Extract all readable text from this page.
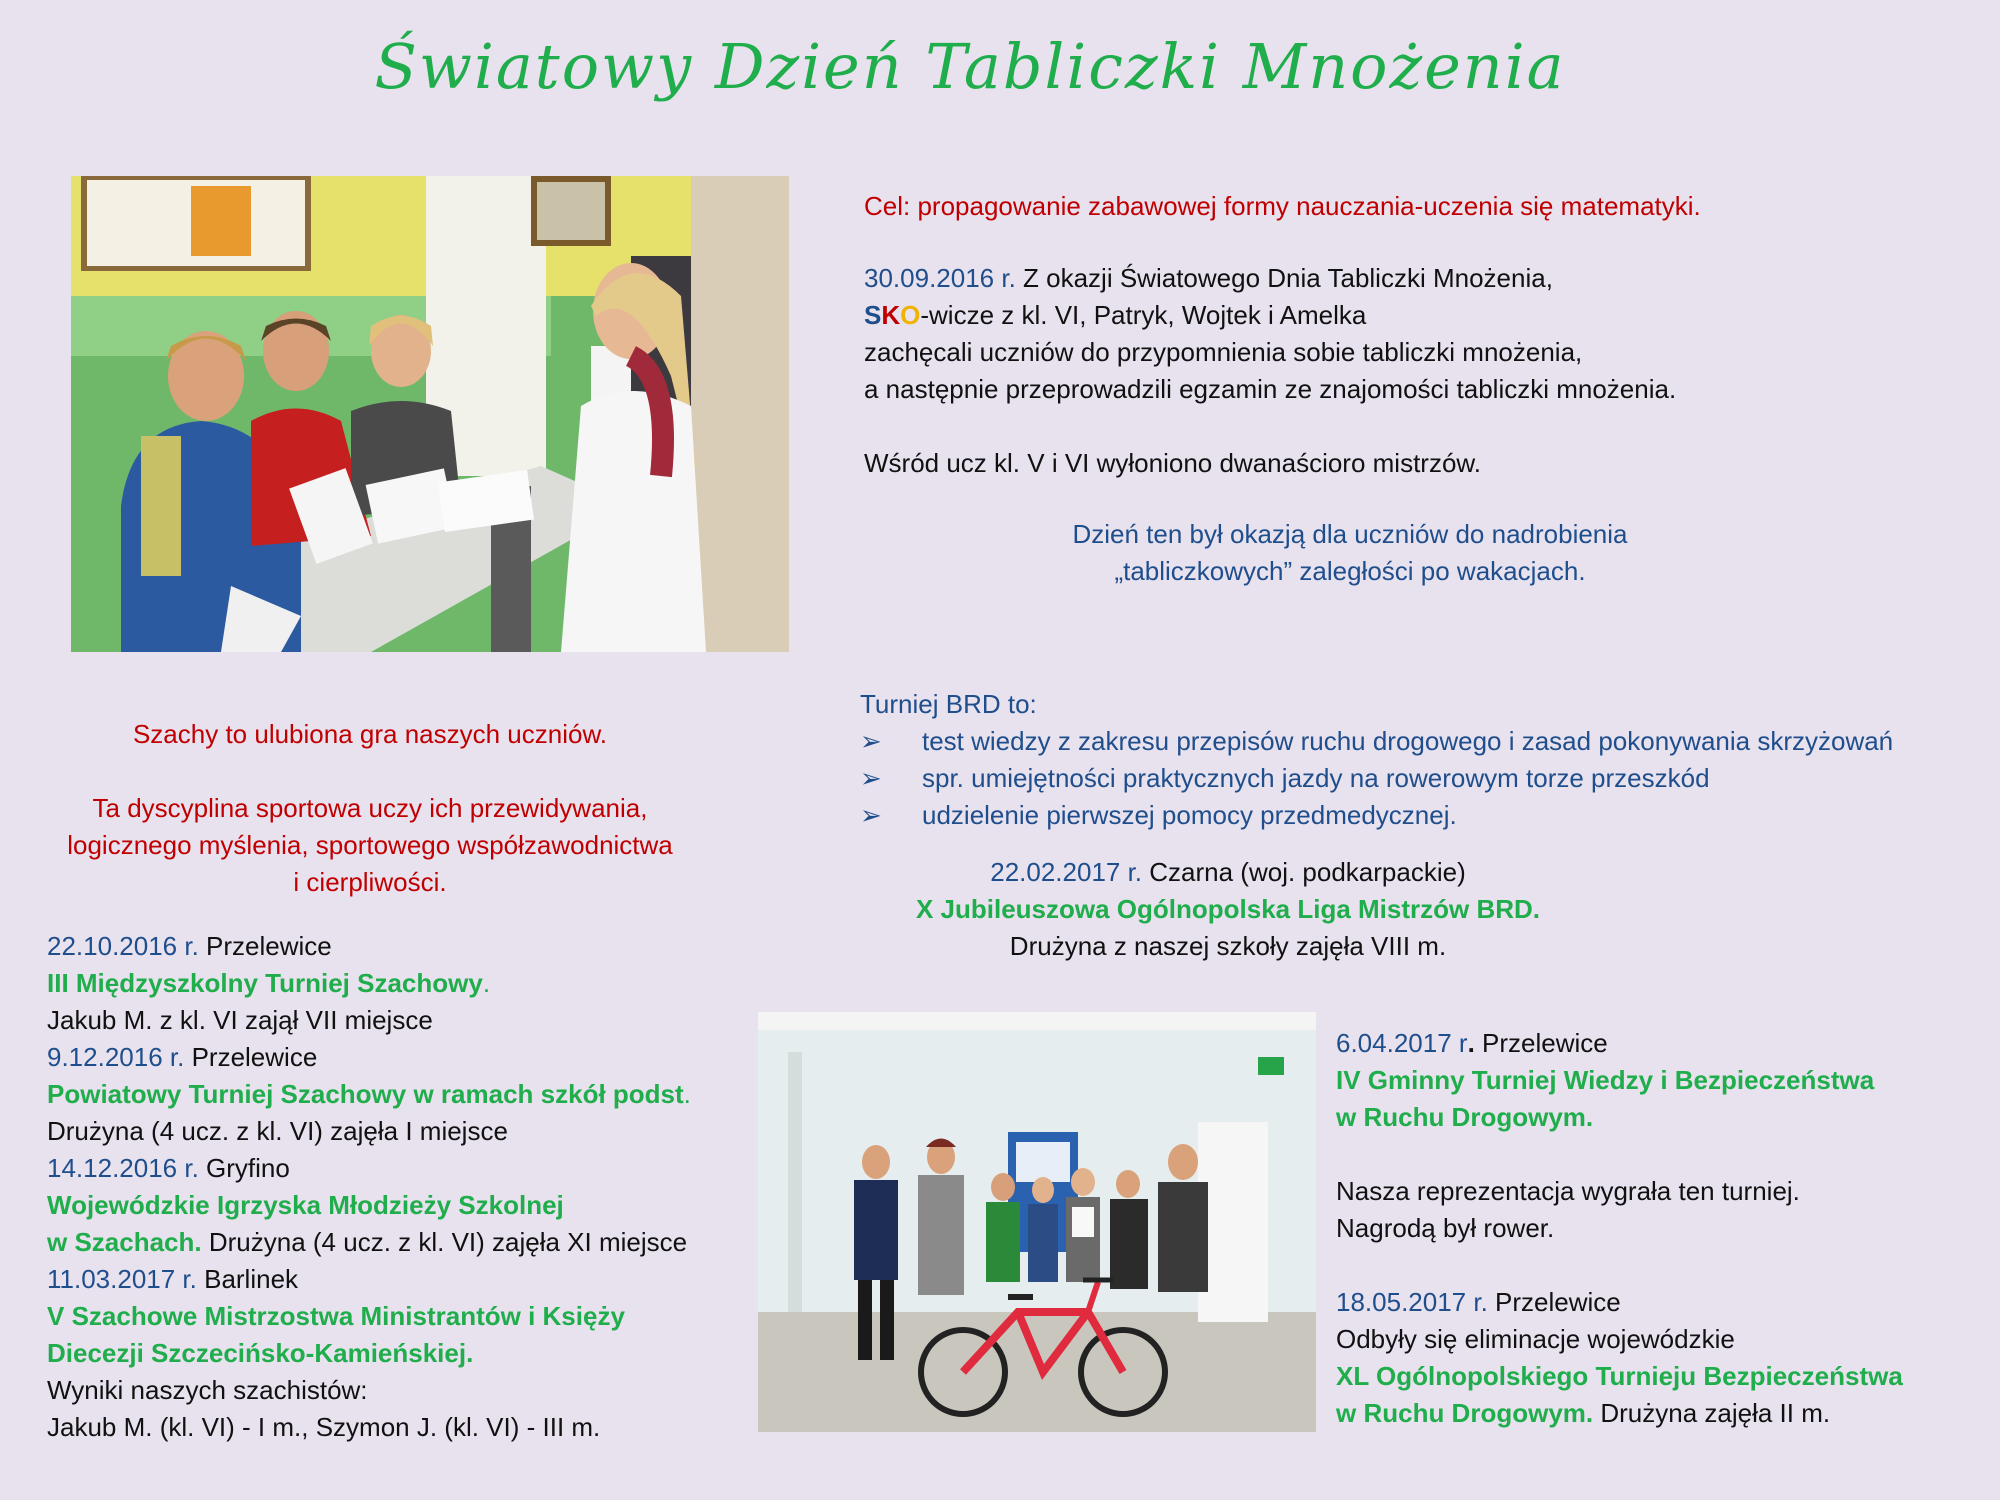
Światowy Dzień Tabliczki Mnożenia
Cel: propagowanie zabawowej formy nauczania-uczenia się matematyki.
30.09.2016 r. Z okazji Światowego Dnia Tabliczki Mnożenia,
SKO-wicze z kl. VI, Patryk, Wojtek i Amelka
zachęcali uczniów do przypomnienia sobie tabliczki mnożenia,
a następnie przeprowadzili egzamin ze znajomości tabliczki mnożenia.
Wśród ucz kl. V i VI wyłoniono dwanaścioro mistrzów.
Dzień ten był okazją dla uczniów do nadrobienia
„tabliczkowych” zaległości po wakacjach.
Szachy to ulubiona gra naszych uczniów.
Ta dyscyplina sportowa uczy ich przewidywania,
logicznego myślenia, sportowego współzawodnictwa
i cierpliwości.
22.10.2016 r. Przelewice
III Międzyszkolny Turniej Szachowy.
Jakub M. z kl. VI zajął VII miejsce
9.12.2016 r. Przelewice
Powiatowy Turniej Szachowy w ramach szkół podst.
Drużyna (4 ucz. z kl. VI) zajęła I miejsce
14.12.2016 r. Gryfino
Wojewódzkie Igrzyska Młodzieży Szkolnej
w Szachach. Drużyna (4 ucz. z kl. VI) zajęła XI miejsce
11.03.2017 r. Barlinek
V Szachowe Mistrzostwa Ministrantów i Księży
Diecezji Szczecińsko-Kamieńskiej.
Wyniki naszych szachistów:
Jakub M. (kl. VI) - I m., Szymon J. (kl. VI) - III m.
Turniej BRD to:
➢	test wiedzy z zakresu przepisów ruchu drogowego i zasad pokonywania skrzyżowań
➢	spr. umiejętności praktycznych jazdy na rowerowym torze przeszkód
➢	udzielenie pierwszej pomocy przedmedycznej.
22.02.2017 r. Czarna (woj. podkarpackie)
X Jubileuszowa Ogólnopolska Liga Mistrzów BRD.
Drużyna z naszej szkoły zajęła VIII m.
6.04.2017 r. Przelewice
IV Gminny Turniej Wiedzy i Bezpieczeństwa
w Ruchu Drogowym.
Nasza reprezentacja wygrała ten turniej.
Nagrodą był rower.
18.05.2017 r. Przelewice
Odbyły się eliminacje wojewódzkie
XL Ogólnopolskiego Turnieju Bezpieczeństwa
w Ruchu Drogowym. Drużyna zajęła II m.
